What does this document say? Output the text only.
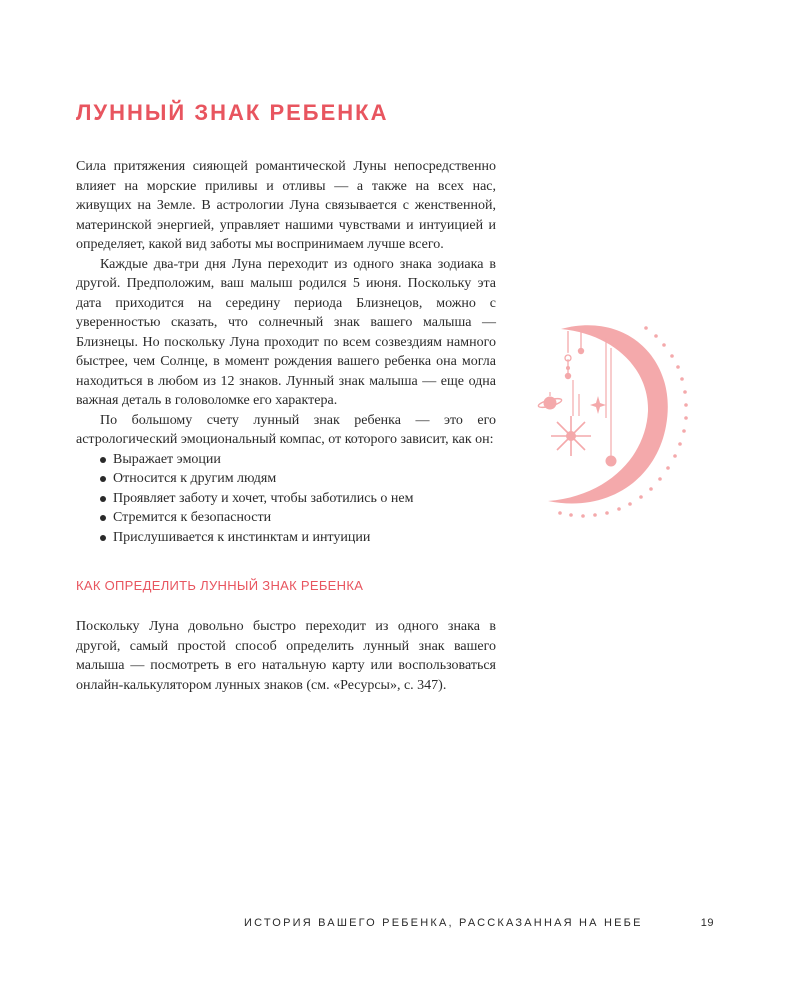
ЛУННЫЙ ЗНАК РЕБЕНКА

Сила притяжения сияющей романтической Луны непосредственно влияет на морские приливы и отливы — а также на всех нас, живущих на Земле. В астрологии Луна связывается с женственной, материнской энергией, управляет нашими чувствами и интуицией и определяет, какой вид заботы мы воспринимаем лучше всего.

Каждые два-три дня Луна переходит из одного знака зодиака в другой. Предположим, ваш малыш родился 5 июня. Поскольку эта дата приходится на середину периода Близнецов, можно с уверенностью сказать, что солнечный знак вашего малыша — Близнецы. Но поскольку Луна проходит по всем созвездиям намного быстрее, чем Солнце, в момент рождения вашего ребенка она могла находиться в любом из 12 знаков. Лунный знак малыша — еще одна важная деталь в головоломке его характера.

По большому счету лунный знак ребенка — это его астрологический эмоциональный компас, от которого зависит, как он:

Выражает эмоции
Относится к другим людям
Проявляет заботу и хочет, чтобы заботились о нем
Стремится к безопасности
Прислушивается к инстинктам и интуиции
КАК ОПРЕДЕЛИТЬ ЛУННЫЙ ЗНАК РЕБЕНКА

Поскольку Луна довольно быстро переходит из одного знака в другой, самый простой способ определить лунный знак вашего малыша — посмотреть в его натальную карту или воспользоваться онлайн-калькулятором лунных знаков (см. «Ресурсы», с. 347).

ИСТОРИЯ ВАШЕГО РЕБЕНКА, РАССКАЗАННАЯ НА НЕБЕ	19
